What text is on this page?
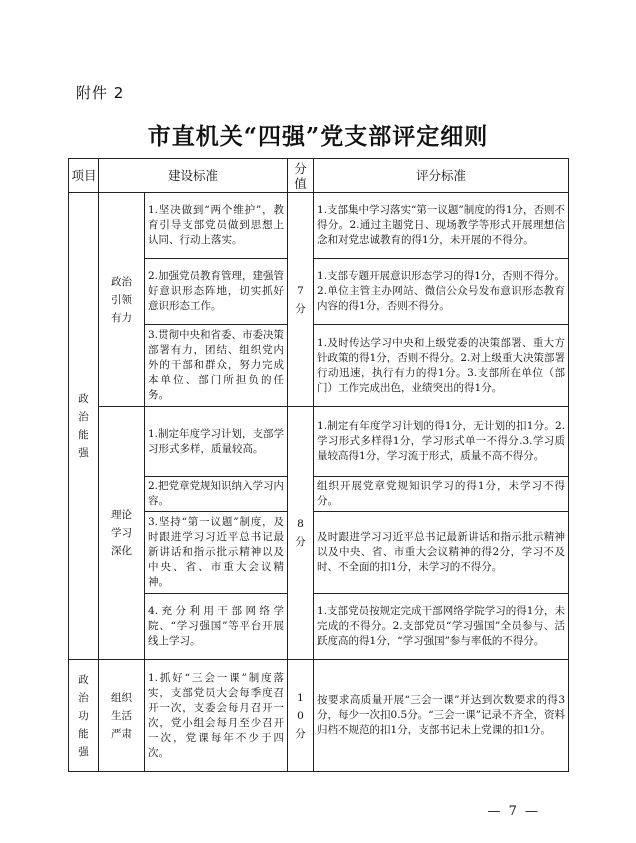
附件 2
市直机关“四强”党支部评定细则
项目	建设标准		分值	评分标准

政治能强	政治引领有力	1.坚决做到“两个维护”，教育引导支部党员做到思想上认同、行动上落实。	7分	1.支部集中学习落实“第一议题”制度的得1分，否则不得分。2.通过主题党日、现场教学等形式开展理想信念和对党忠诚教育的得1分，未开展的不得分。
		2.加强党员教育管理，建强管好意识形态阵地，切实抓好意识形态工作。		1.支部专题开展意识形态学习的得1分，否则不得分。2.单位主管主办网站、微信公众号发布意识形态教育内容的得1分，否则不得分。
		3.贯彻中央和省委、市委决策部署有力，团结、组织党内外的干部和群众，努力完成本单位、部门所担负的任务。		1.及时传达学习中央和上级党委的决策部署、重大方针政策的得1分，否则不得分。2.对上级重大决策部署行动迅速，执行有力的得1分。3.支部所在单位（部门）工作完成出色，业绩突出的得1分。

	理论学习深化	1.制定年度学习计划，支部学习形式多样，质量较高。	8分	1.制定有年度学习计划的得1分，无计划的扣1分。2.学习形式多样得1分，学习形式单一不得分.3.学习质量较高得1分，学习流于形式，质量不高不得分。
		2.把党章党规知识纳入学习内容。		组织开展党章党规知识学习的得1分，未学习不得分。
		3.坚持“第一议题”制度，及时跟进学习习近平总书记最新讲话和指示批示精神以及中央、省、市重大会议精神。		及时跟进学习习近平总书记最新讲话和指示批示精神以及中央、省、市重大会议精神的得2分，学习不及时、不全面的扣1分，未学习的不得分。
		4.充分利用干部网络学院、“学习强国”等平台开展线上学习。		1.支部党员按规定完成干部网络学院学习的得1分，未完成的不得分。2.支部党员“学习强国”全员参与、活跃度高的得1分，“学习强国”参与率低的不得分。

政治功能强	组织生活严肃	1.抓好“三会一课”制度落实，支部党员大会每季度召开一次，支委会每月召开一次，党小组会每月至少召开一次，党课每年不少于四次。	10分	按要求高质量开展“三会一课”并达到次数要求的得3分，每少一次扣0.5分。“三会一课”记录不齐全，资料归档不规范的扣1分，支部书记未上党课的扣1分。
— 7 —
